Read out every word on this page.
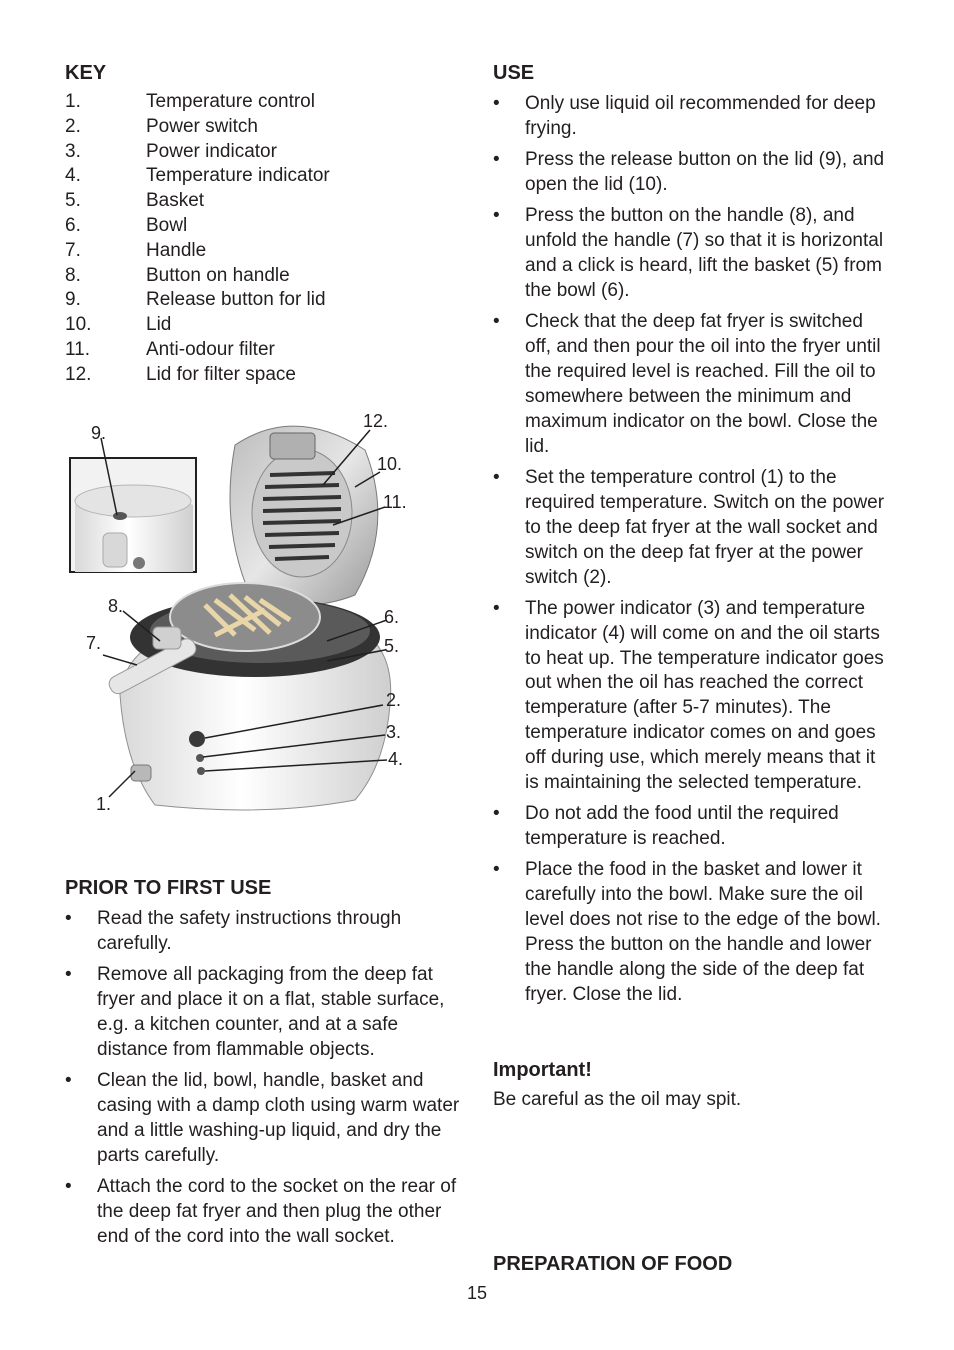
KEY
1.	Temperature control
2.	Power switch
3.	Power indicator
4.	Temperature indicator
5.	Basket
6.	Bowl
7.	Handle
8.	Button on handle
9.	Release button for lid
10.	Lid
11.	Anti-odour filter
12.	Lid for filter space
9.
12.
10.
11.
8.
7.
6.
5.
2.
3.
4.
1.
PRIOR TO FIRST USE
• Read the safety instructions through carefully.
• Remove all packaging from the deep fat fryer and place it on a flat, stable surface, e.g. a kitchen counter, and at a safe distance from flammable objects.
• Clean the lid, bowl, handle, basket and casing with a damp cloth using warm water and a little washing-up liquid, and dry the parts carefully.
• Attach the cord to the socket on the rear of the deep fat fryer and then plug the other end of the cord into the wall socket.
USE
• Only use liquid oil recommended for deep frying.
• Press the release button on the lid (9), and open the lid (10).
• Press the button on the handle (8), and unfold the handle (7) so that it is horizontal and a click is heard, lift the basket (5) from the bowl (6).
• Check that the deep fat fryer is switched off, and then pour the oil into the fryer until the required level is reached. Fill the oil to somewhere between the minimum and maximum indicator on the bowl. Close the lid.
• Set the temperature control (1) to the required temperature. Switch on the power to the deep fat fryer at the wall socket and switch on the deep fat fryer at the power switch (2).
• The power indicator (3) and temperature indicator (4) will come on and the oil starts to heat up. The temperature indicator goes out when the oil has reached the correct temperature (after 5-7 minutes). The temperature indicator comes on and goes off during use, which merely means that it is maintaining the selected temperature.
• Do not add the food until the required temperature is reached.
• Place the food in the basket and lower it carefully into the bowl. Make sure the oil level does not rise to the edge of the bowl. Press the button on the handle and lower the handle along the side of the deep fat fryer. Close the lid.
Important!

Be careful as the oil may spit.

PREPARATION OF FOOD
15
